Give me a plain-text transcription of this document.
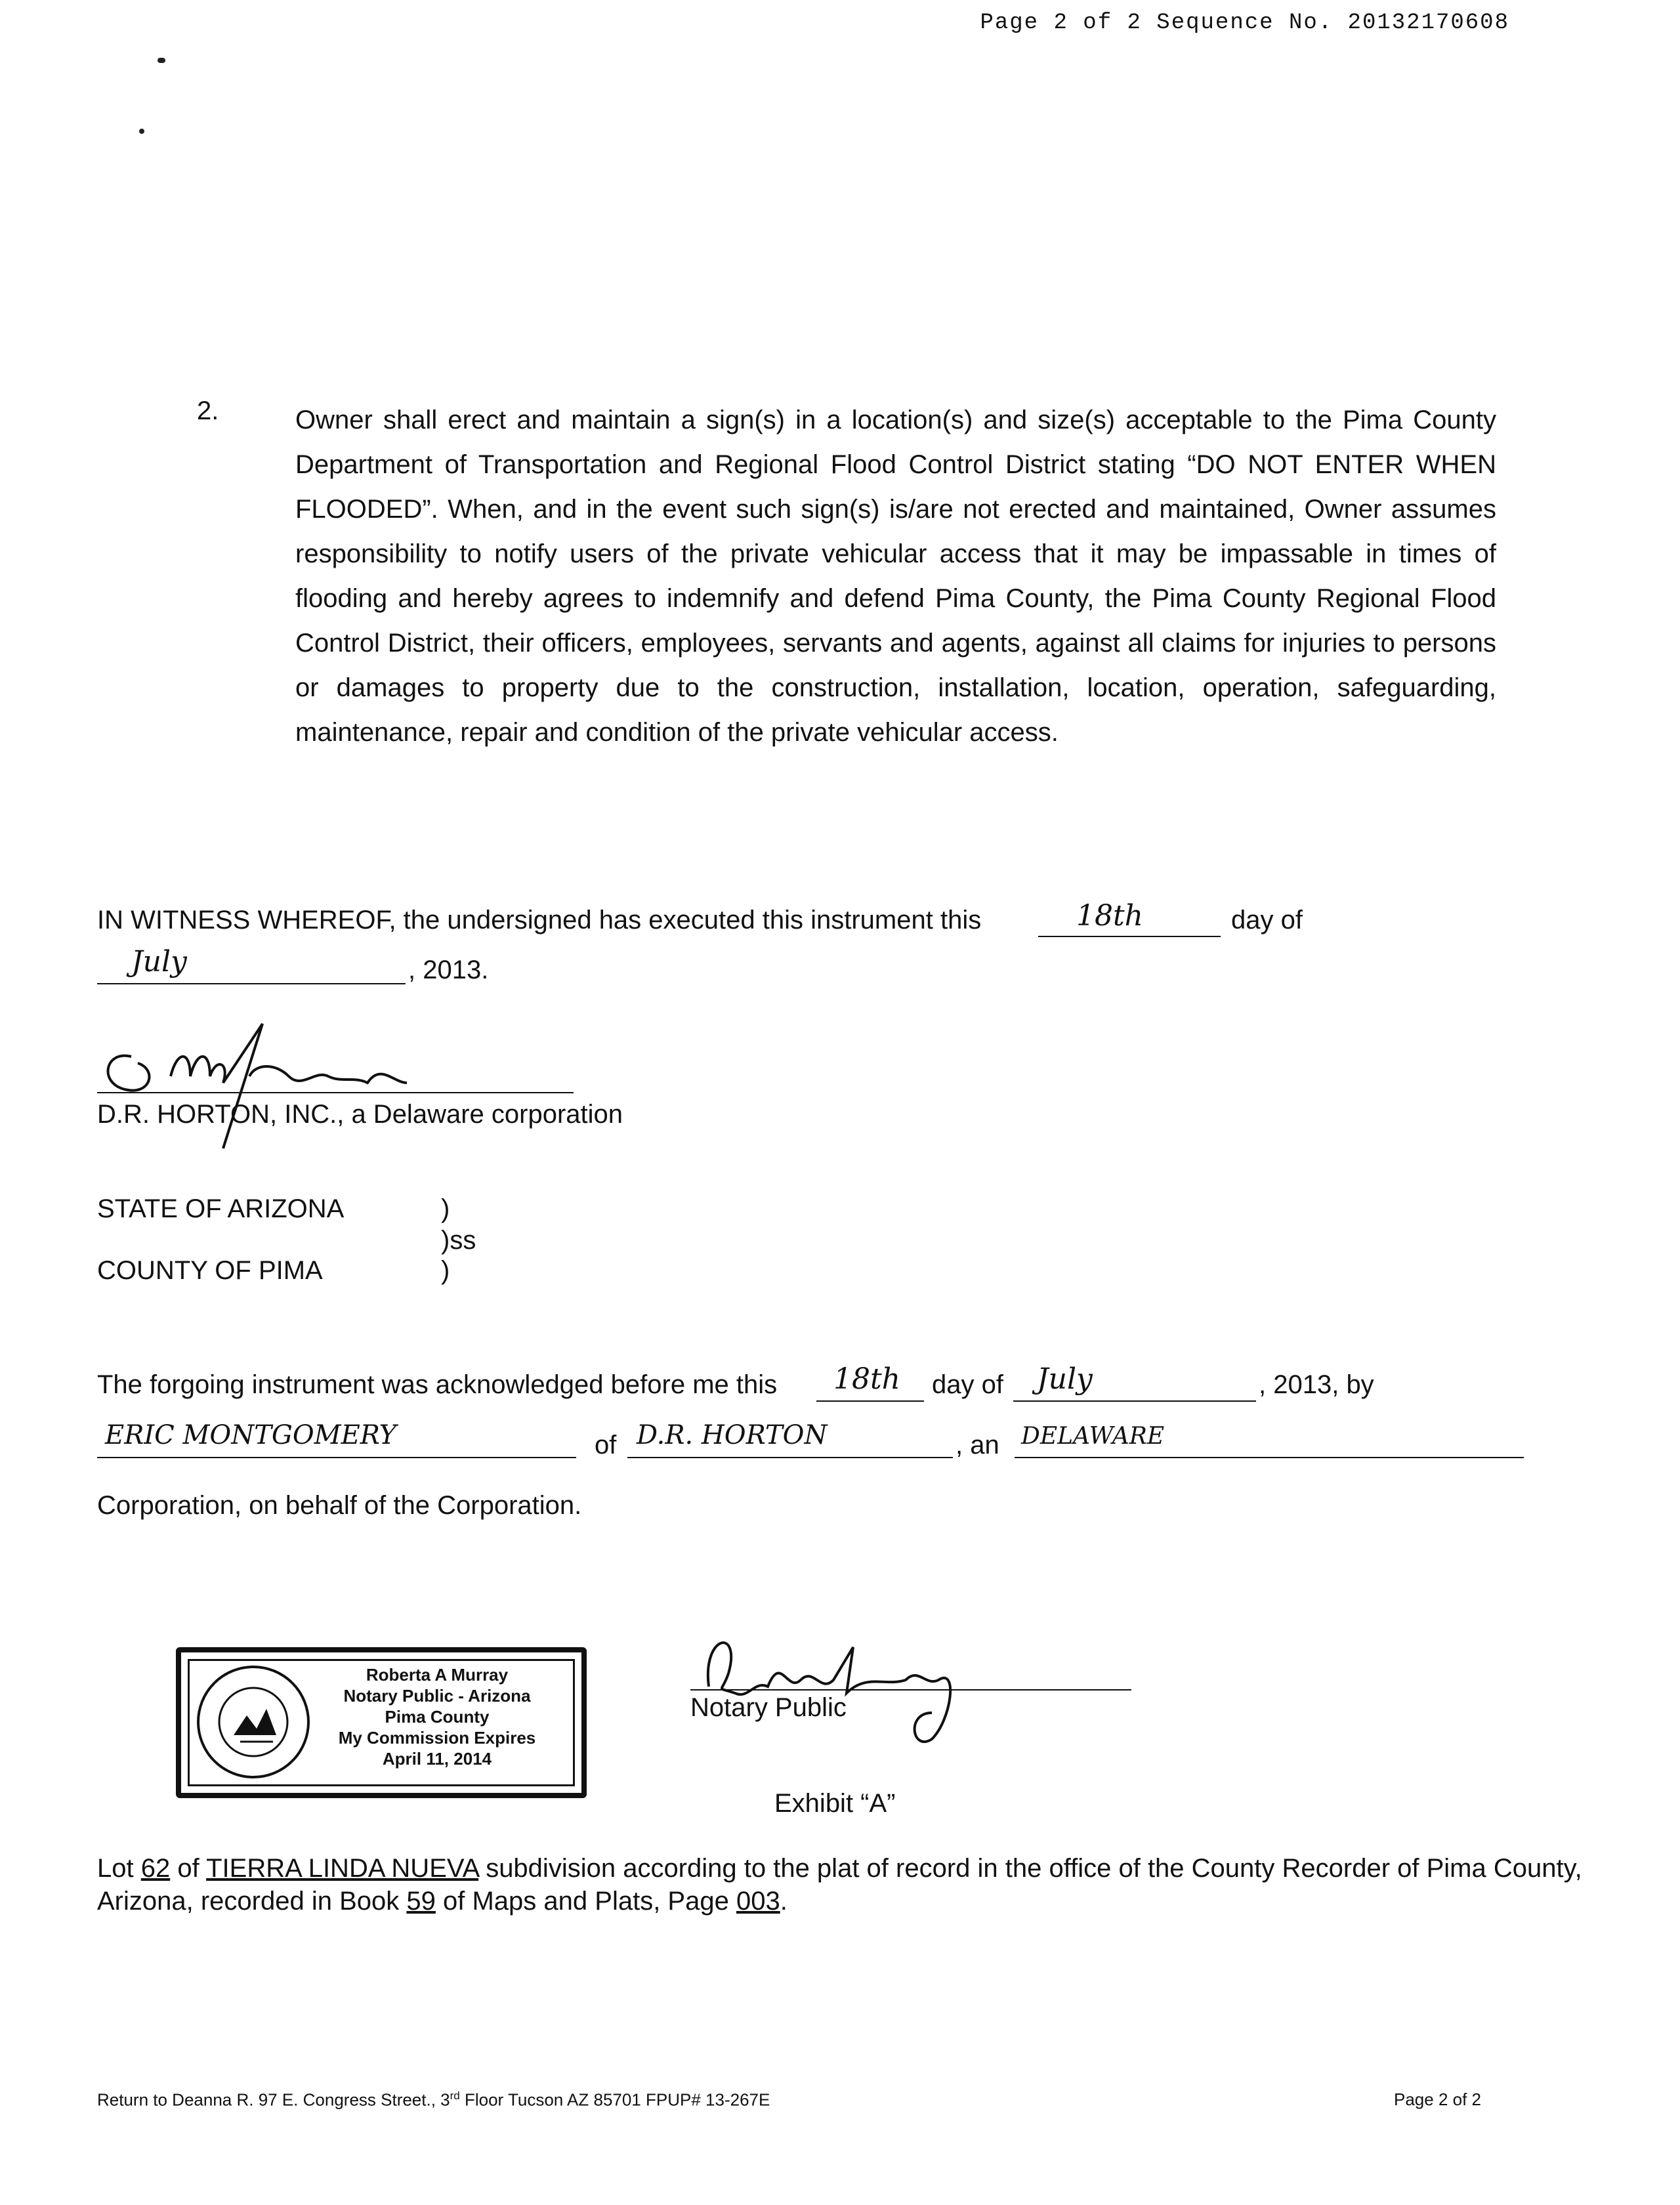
Page 2 of 2 Sequence No. 20132170608
2.	Owner shall erect and maintain a sign(s) in a location(s) and size(s) acceptable to the Pima County Department of Transportation and Regional Flood Control District stating “DO NOT ENTER WHEN FLOODED”. When, and in the event such sign(s) is/are not erected and maintained, Owner assumes responsibility to notify users of the private vehicular access that it may be impassable in times of flooding and hereby agrees to indemnify and defend Pima County, the Pima County Regional Flood Control District, their officers, employees, servants and agents, against all claims for injuries to persons or damages to property due to the construction, installation, location, operation, safeguarding, maintenance, repair and condition of the private vehicular access.
IN WITNESS WHEREOF, the undersigned has executed this instrument this	18th	day of
July	, 2013.
D.R. HORTON, INC., a Delaware corporation
STATE OF ARIZONA	)
)ss
COUNTY OF PIMA	)
The forgoing instrument was acknowledged before me this 18th day of July	, 2013, by
ERIC MONTGOMERY	of D.R. HORTON	, an DELAWARE
Corporation, on behalf of the Corporation.
Roberta A Murray
Notary Public - Arizona
Pima County
My Commission Expires
April 11, 2014
Notary Public
Exhibit “A”
Lot 62 of TIERRA LINDA NUEVA subdivision according to the plat of record in the office of the County Recorder of Pima County, Arizona, recorded in Book 59 of Maps and Plats, Page 003.
Return to Deanna R. 97 E. Congress Street., 3rd Floor Tucson AZ 85701 FPUP# 13-267E	Page 2 of 2
